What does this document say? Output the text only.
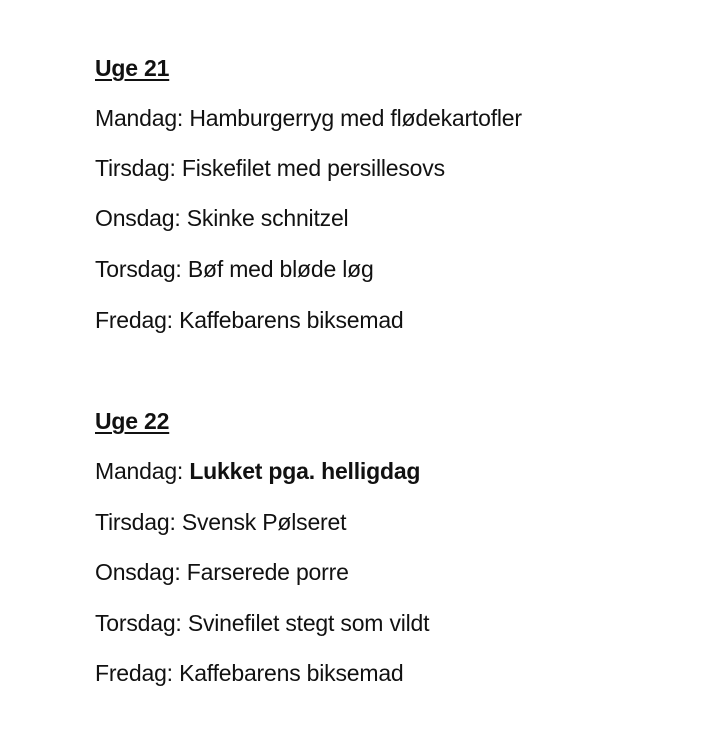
Uge 21
Mandag: Hamburgerryg med flødekartofler
Tirsdag: Fiskefilet med persillesovs
Onsdag: Skinke schnitzel
Torsdag: Bøf med bløde løg
Fredag: Kaffebarens biksemad
Uge 22
Mandag: Lukket pga. helligdag
Tirsdag: Svensk Pølseret
Onsdag: Farserede porre
Torsdag: Svinefilet stegt som vildt
Fredag: Kaffebarens biksemad
